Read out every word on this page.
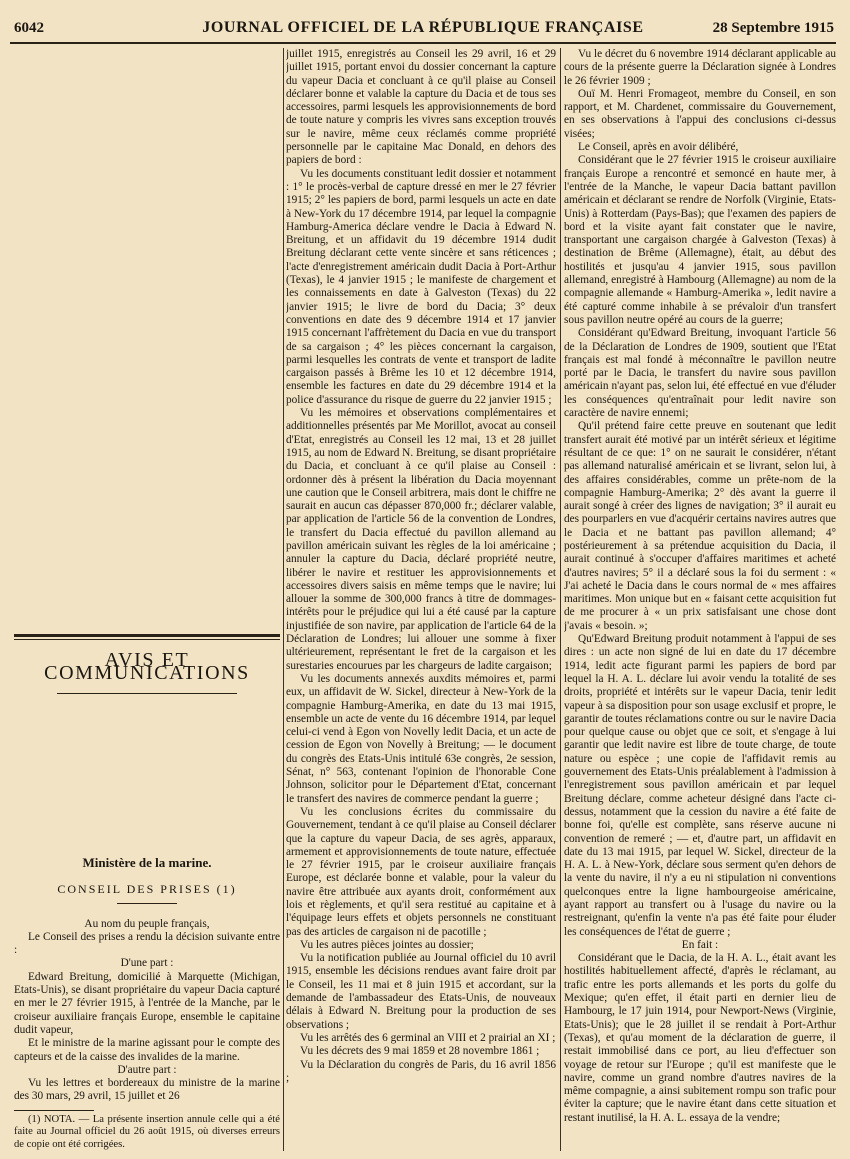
6042	JOURNAL OFFICIEL DE LA RÉPUBLIQUE FRANÇAISE	28 Septembre 1915
AVIS ET COMMUNICATIONS
Ministère de la marine.
CONSEIL DES PRISES (1)

Au nom du peuple français,

Le Conseil des prises a rendu la décision suivante entre :

D'une part :

Edward Breitung, domicilié à Marquette (Michigan, Etats-Unis), se disant propriétaire du vapeur Dacia capturé en mer le 27 février 1915, à l'entrée de la Manche, par le croiseur auxiliaire français Europe, ensemble le capitaine dudit vapeur,

Et le ministre de la marine agissant pour le compte des capteurs et de la caisse des invalides de la marine.

D'autre part :

Vu les lettres et bordereaux du ministre de la marine des 30 mars, 29 avril, 15 juillet et 26

(1) NOTA. — La présente insertion annule celle qui a été faite au Journal officiel du 26 août 1915, où diverses erreurs de copie ont été corrigées.

juillet 1915, enregistrés au Conseil les 29 avril, 16 et 29 juillet 1915, portant envoi du dossier concernant la capture du vapeur Dacia et concluant à ce qu'il plaise au Conseil déclarer bonne et valable la capture du Dacia et de tous ses accessoires, parmi lesquels les approvisionnements de bord de toute nature y compris les vivres sans exception trouvés sur le navire, même ceux réclamés comme propriété personnelle par le capitaine Mac Donald, en dehors des papiers de bord :

Vu les documents constituant ledit dossier et notamment : 1° le procès-verbal de capture dressé en mer le 27 février 1915; 2° les papiers de bord, parmi lesquels un acte en date à New-York du 17 décembre 1914, par lequel la compagnie Hamburg-America déclare vendre le Dacia à Edward N. Breitung, et un affidavit du 19 décembre 1914 dudit Breitung déclarant cette vente sincère et sans réticences ; l'acte d'enregistrement américain dudit Dacia à Port-Arthur (Texas), le 4 janvier 1915 ; le manifeste de chargement et les connaissements en date à Galveston (Texas) du 22 janvier 1915; le livre de bord du Dacia; 3° deux conventions en date des 9 décembre 1914 et 17 janvier 1915 concernant l'affrètement du Dacia en vue du transport de sa cargaison ; 4° les pièces concernant la cargaison, parmi lesquelles les contrats de vente et transport de ladite cargaison passés à Brême les 10 et 12 décembre 1914, ensemble les factures en date du 29 décembre 1914 et la police d'assurance du risque de guerre du 22 janvier 1915 ;

Vu les mémoires et observations complémentaires et additionnelles présentés par Me Morillot, avocat au conseil d'Etat, enregistrés au Conseil les 12 mai, 13 et 28 juillet 1915, au nom de Edward N. Breitung, se disant propriétaire du Dacia, et concluant à ce qu'il plaise au Conseil : ordonner dès à présent la libération du Dacia moyennant une caution que le Conseil arbitrera, mais dont le chiffre ne saurait en aucun cas dépasser 870,000 fr.; déclarer valable, par application de l'article 56 de la convention de Londres, le transfert du Dacia effectué du pavillon allemand au pavillon américain suivant les règles de la loi américaine ; annuler la capture du Dacia, déclaré propriété neutre, libérer le navire et restituer les approvisionnements et accessoires divers saisis en même temps que le navire; lui allouer la somme de 300,000 francs à titre de dommages-intérêts pour le préjudice qui lui a été causé par la capture injustifiée de son navire, par application de l'article 64 de la Déclaration de Londres; lui allouer une somme à fixer ultérieurement, représentant le fret de la cargaison et les surestaries encourues par les chargeurs de ladite cargaison;

Vu les documents annexés auxdits mémoires et, parmi eux, un affidavit de W. Sickel, directeur à New-York de la compagnie Hamburg-Amerika, en date du 13 mai 1915, ensemble un acte de vente du 16 décembre 1914, par lequel celui-ci vend à Egon von Novelly ledit Dacia, et un acte de cession de Egon von Novelly à Breitung; — le document du congrès des Etats-Unis intitulé 63e congrès, 2e session, Sénat, n° 563, contenant l'opinion de l'honorable Cone Johnson, solicitor pour le Département d'Etat, concernant le transfert des navires de commerce pendant la guerre ;

Vu les conclusions écrites du commissaire du Gouvernement, tendant à ce qu'il plaise au Conseil déclarer que la capture du vapeur Dacia, de ses agrès, apparaux, armement et approvisionnements de toute nature, effectuée le 27 février 1915, par le croiseur auxiliaire français Europe, est déclarée bonne et valable, pour la valeur du navire être attribuée aux ayants droit, conformément aux lois et règlements, et qu'il sera restitué au capitaine et à l'équipage leurs effets et objets personnels ne constituant pas des articles de cargaison ni de pacotille ;

Vu les autres pièces jointes au dossier;

Vu la notification publiée au Journal officiel du 10 avril 1915, ensemble les décisions rendues avant faire droit par le Conseil, les 11 mai et 8 juin 1915 et accordant, sur la demande de l'ambassadeur des Etats-Unis, de nouveaux délais à Edward N. Breitung pour la production de ses observations ;

Vu les arrêtés des 6 germinal an VIII et 2 prairial an XI ;

Vu les décrets des 9 mai 1859 et 28 novembre 1861 ;

Vu la Déclaration du congrès de Paris, du 16 avril 1856 ;

Vu le décret du 6 novembre 1914 déclarant applicable au cours de la présente guerre la Déclaration signée à Londres le 26 février 1909 ;

Ouï M. Henri Fromageot, membre du Conseil, en son rapport, et M. Chardenet, commissaire du Gouvernement, en ses observations à l'appui des conclusions ci-dessus visées;

Le Conseil, après en avoir délibéré,

Considérant que le 27 février 1915 le croiseur auxiliaire français Europe a rencontré et semoncé en haute mer, à l'entrée de la Manche, le vapeur Dacia battant pavillon américain et déclarant se rendre de Norfolk (Virginie, Etats-Unis) à Rotterdam (Pays-Bas); que l'examen des papiers de bord et la visite ayant fait constater que le navire, transportant une cargaison chargée à Galveston (Texas) à destination de Brême (Allemagne), était, au début des hostilités et jusqu'au 4 janvier 1915, sous pavillon allemand, enregistré à Hambourg (Allemagne) au nom de la compagnie allemande « Hamburg-Amerika », ledit navire a été capturé comme inhabile à se prévaloir d'un transfert sous pavillon neutre opéré au cours de la guerre;

Considérant qu'Edward Breitung, invoquant l'article 56 de la Déclaration de Londres de 1909, soutient que l'Etat français est mal fondé à méconnaître le pavillon neutre porté par le Dacia, le transfert du navire sous pavillon américain n'ayant pas, selon lui, été effectué en vue d'éluder les conséquences qu'entraînait pour ledit navire son caractère de navire ennemi;

Qu'il prétend faire cette preuve en soutenant que ledit transfert aurait été motivé par un intérêt sérieux et légitime résultant de ce que: 1° on ne saurait le considérer, n'étant pas allemand naturalisé américain et se livrant, selon lui, à des affaires considérables, comme un prête-nom de la compagnie Hamburg-Amerika; 2° dès avant la guerre il aurait songé à créer des lignes de navigation; 3° il aurait eu des pourparlers en vue d'acquérir certains navires autres que le Dacia et ne battant pas pavillon allemand; 4° postérieurement à sa prétendue acquisition du Dacia, il aurait continué à s'occuper d'affaires maritimes et acheté d'autres navires; 5° il a déclaré sous la foi du serment : « J'ai acheté le Dacia dans le cours normal de « mes affaires maritimes. Mon unique but en « faisant cette acquisition fut de me procurer à « un prix satisfaisant une chose dont j'avais « besoin. »;

Qu'Edward Breitung produit notamment à l'appui de ses dires : un acte non signé de lui en date du 17 décembre 1914, ledit acte figurant parmi les papiers de bord par lequel la H. A. L. déclare lui avoir vendu la totalité de ses droits, propriété et intérêts sur le vapeur Dacia, tenir ledit vapeur à sa disposition pour son usage exclusif et propre, le garantir de toutes réclamations contre ou sur le navire Dacia pour quelque cause ou objet que ce soit, et s'engage à lui garantir que ledit navire est libre de toute charge, de toute nature ou espèce ; une copie de l'affidavit remis au gouvernement des Etats-Unis préalablement à l'admission à l'enregistrement sous pavillon américain et par lequel Breitung déclare, comme acheteur désigné dans l'acte ci-dessus, notamment que la cession du navire a été faite de bonne foi, qu'elle est complète, sans réserve aucune ni convention de remeré ; — et, d'autre part, un affidavit en date du 13 mai 1915, par lequel W. Sickel, directeur de la H. A. L. à New-York, déclare sous serment qu'en dehors de la vente du navire, il n'y a eu ni stipulation ni conventions quelconques entre la ligne hambourgeoise américaine, ayant rapport au transfert ou à l'usage du navire ou la restreignant, qu'enfin la vente n'a pas été faite pour éluder les conséquences de l'état de guerre ;

En fait :

Considérant que le Dacia, de la H. A. L., était avant les hostilités habituellement affecté, d'après le réclamant, au trafic entre les ports allemands et les ports du golfe du Mexique; qu'en effet, il était parti en dernier lieu de Hambourg, le 17 juin 1914, pour Newport-News (Virginie, Etats-Unis); que le 28 juillet il se rendait à Port-Arthur (Texas), et qu'au moment de la déclaration de guerre, il restait immobilisé dans ce port, au lieu d'effectuer son voyage de retour sur l'Europe ; qu'il est manifeste que le navire, comme un grand nombre d'autres navires de la même compagnie, a ainsi subitement rompu son trafic pour éviter la capture; que le navire étant dans cette situation et restant inutilisé, la H. A. L. essaya de la vendre;
